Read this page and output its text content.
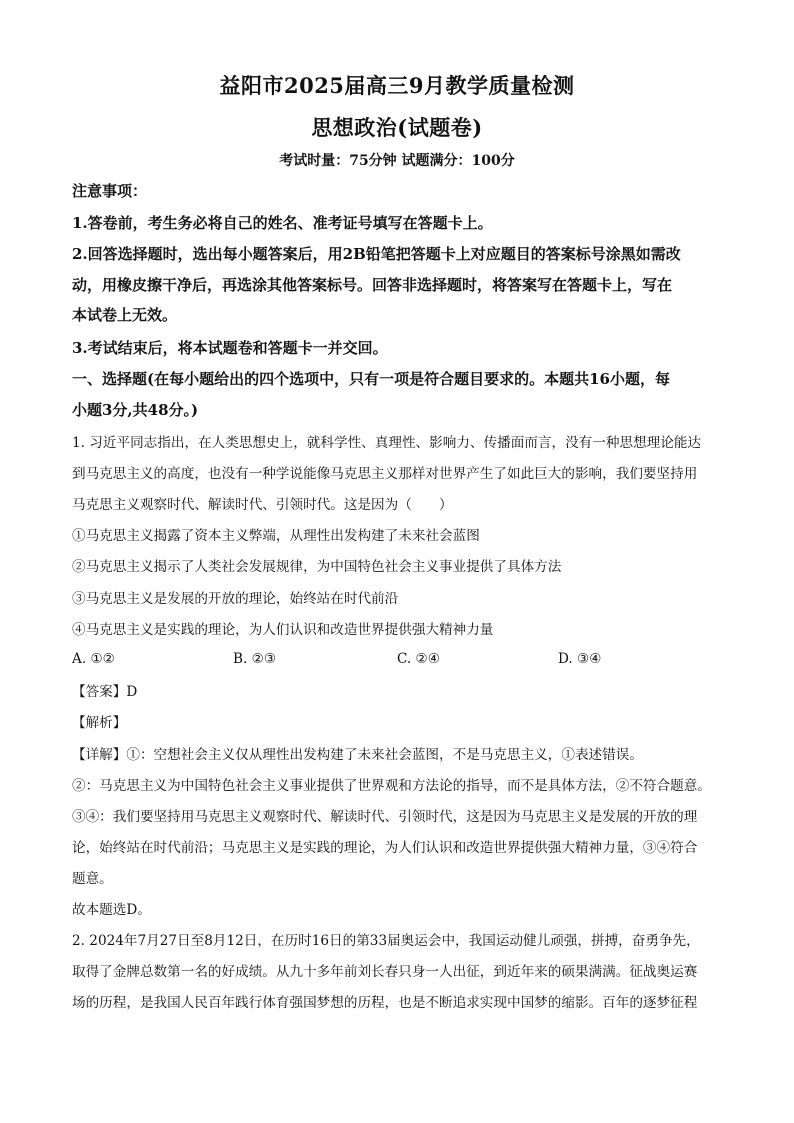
益阳市2025届高三9月教学质量检测
思想政治(试题卷)
考试时量：75分钟 试题满分：100分
注意事项：
1.答卷前，考生务必将自己的姓名、准考证号填写在答题卡上。
2.回答选择题时，选出每小题答案后，用2B铅笔把答题卡上对应题目的答案标号涂黑如需改
动，用橡皮擦干净后，再选涂其他答案标号。回答非选择题时，将答案写在答题卡上，写在
本试卷上无效。
3.考试结束后，将本试题卷和答题卡一并交回。
一、选择题(在每小题给出的四个选项中，只有一项是符合题目要求的。本题共16小题，每
小题3分,共48分。)
1. 习近平同志指出，在人类思想史上，就科学性、真理性、影响力、传播面而言，没有一种思想理论能达
到马克思主义的高度，也没有一种学说能像马克思主义那样对世界产生了如此巨大的影响，我们要坚持用
马克思主义观察时代、解读时代、引领时代。这是因为（　　）
①马克思主义揭露了资本主义弊端，从理性出发构建了未来社会蓝图
②马克思主义揭示了人类社会发展规律，为中国特色社会主义事业提供了具体方法
③马克思主义是发展的开放的理论，始终站在时代前沿
④马克思主义是实践的理论，为人们认识和改造世界提供强大精神力量
A. ①②	B. ②③	C. ②④	D. ③④
【答案】D
【解析】
【详解】①：空想社会主义仅从理性出发构建了未来社会蓝图，不是马克思主义，①表述错误。
②：马克思主义为中国特色社会主义事业提供了世界观和方法论的指导，而不是具体方法，②不符合题意。
③④：我们要坚持用马克思主义观察时代、解读时代、引领时代，这是因为马克思主义是发展的开放的理
论，始终站在时代前沿；马克思主义是实践的理论，为人们认识和改造世界提供强大精神力量，③④符合
题意。
故本题选D。
2. 2024年7月27日至8月12日，在历时16日的第33届奥运会中，我国运动健儿顽强，拼搏，奋勇争先，
取得了金牌总数第一名的好成绩。从九十多年前刘长春只身一人出征，到近年来的硕果满满。征战奥运赛
场的历程，是我国人民百年践行体育强国梦想的历程，也是不断追求实现中国梦的缩影。百年的逐梦征程
